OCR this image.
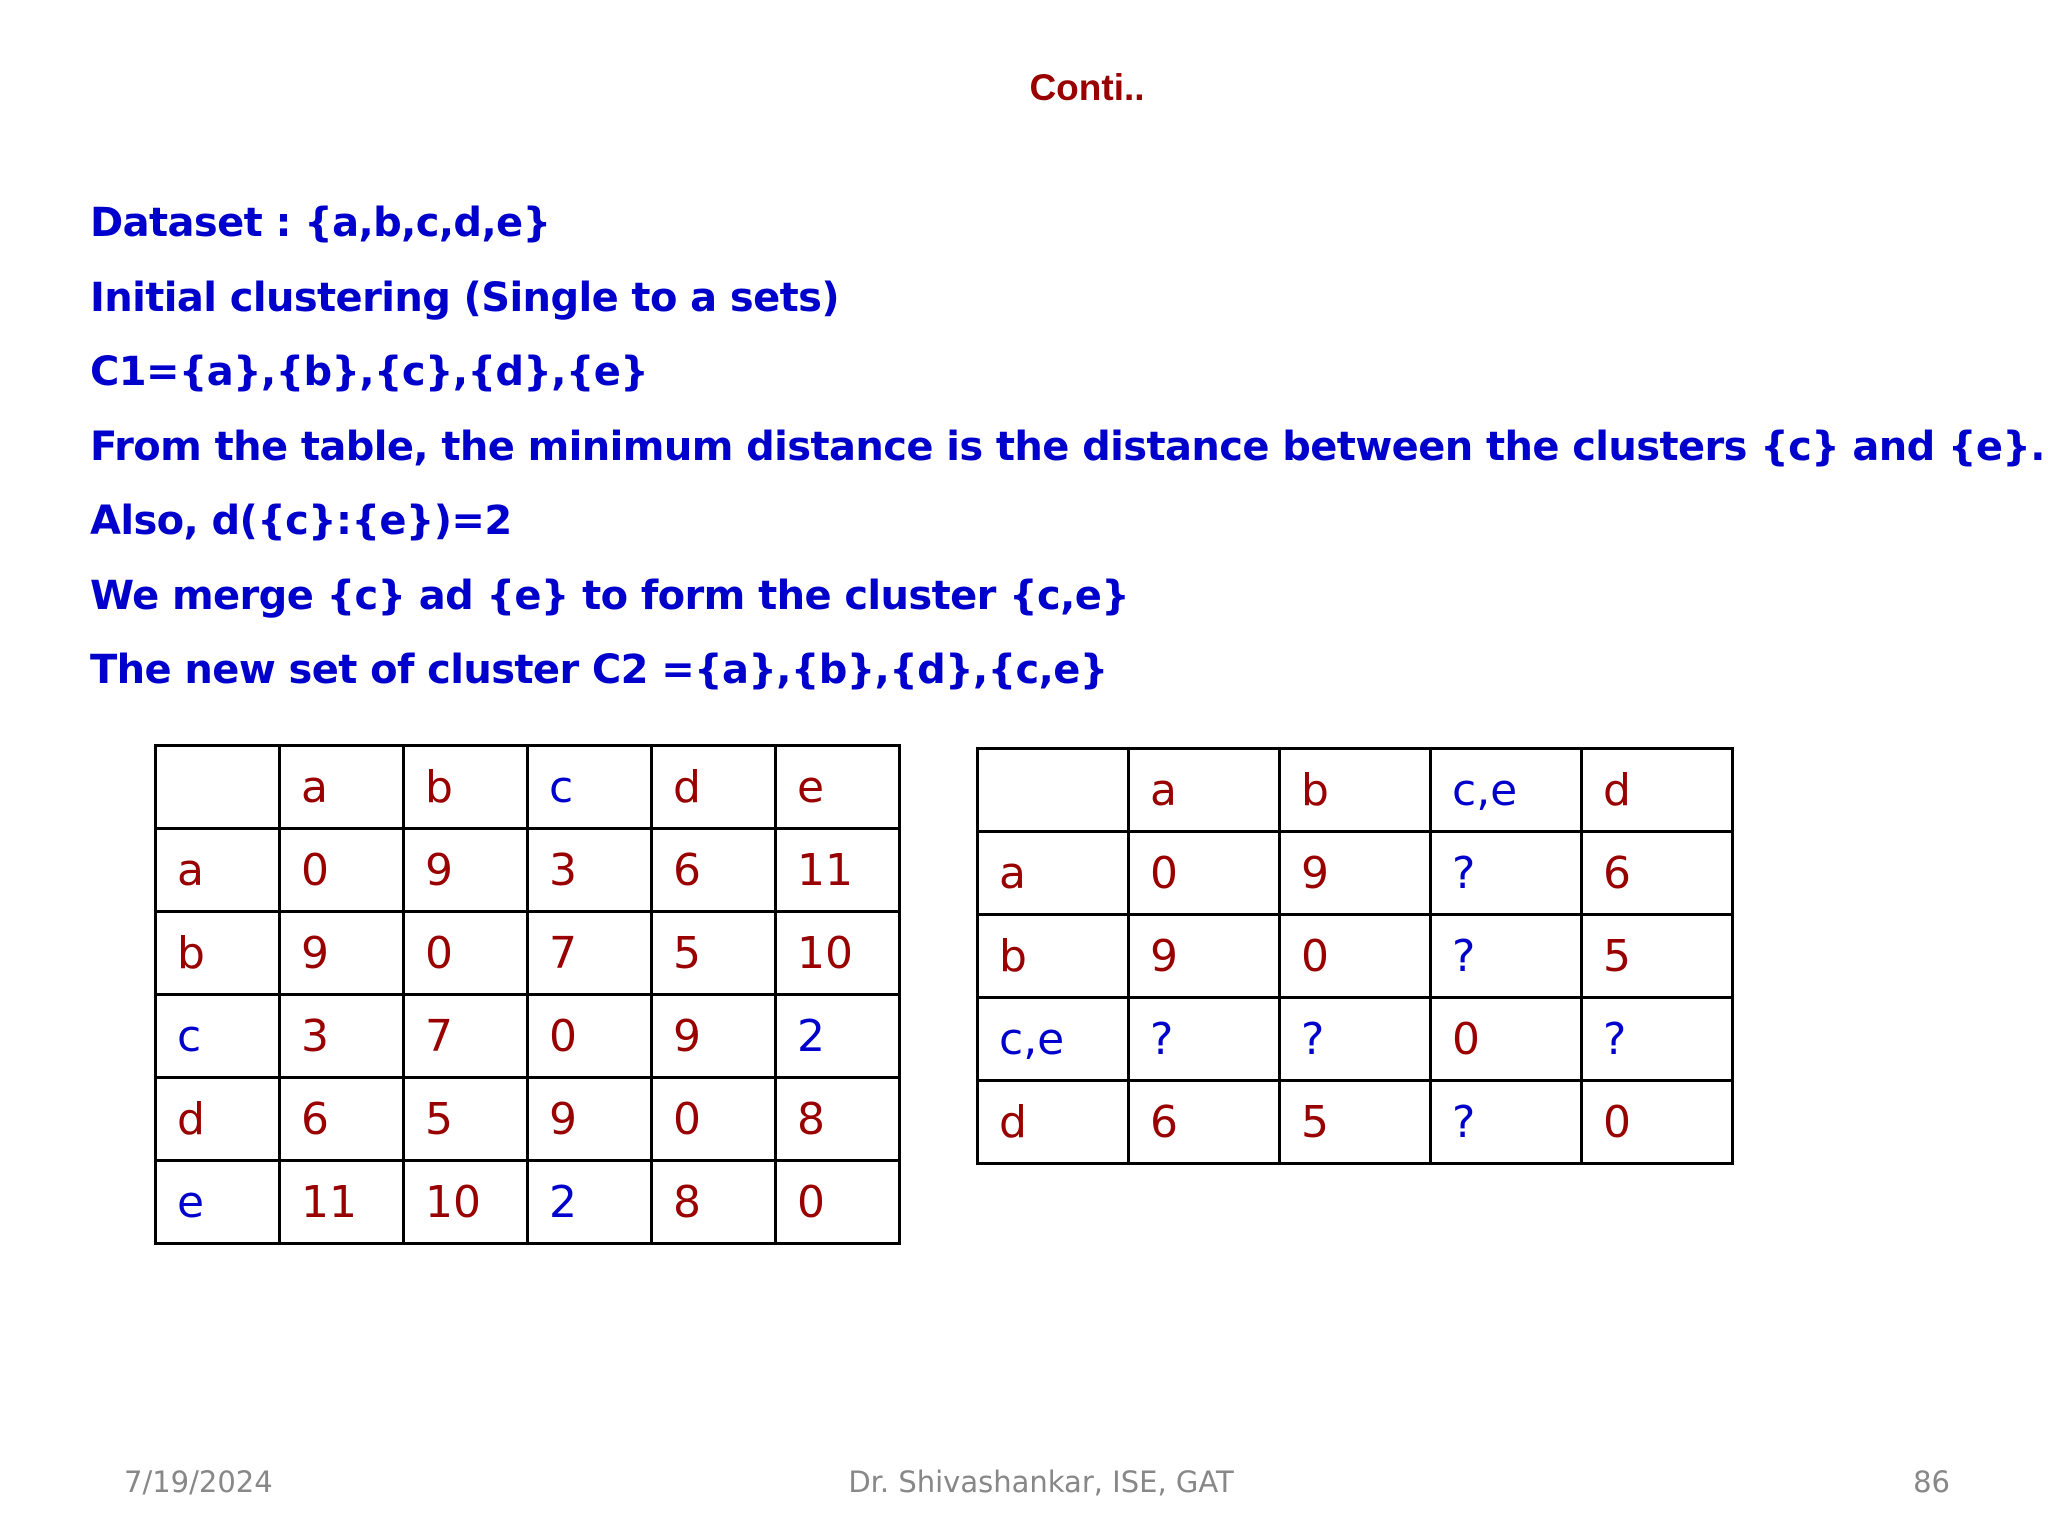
Conti..
Dataset : {a,b,c,d,e}
Initial clustering (Single to a sets)
C1={a},{b},{c},{d},{e}
From the table, the minimum distance is the distance between the clusters {c} and {e}.
Also, d({c}:{e})=2
We merge {c} ad {e} to form the cluster {c,e}
The new set of cluster C2 ={a},{b},{d},{c,e}
	a	b	c	d	e
a	0	9	3	6	11
b	9	0	7	5	10
c	3	7	0	9	2
d	6	5	9	0	8
e	11	10	2	8	0
	a	b	c,e	d
a	0	9	?	6
b	9	0	?	5
c,e	?	?	0	?
d	6	5	?	0

7/19/2024	Dr. Shivashankar, ISE, GAT	86
